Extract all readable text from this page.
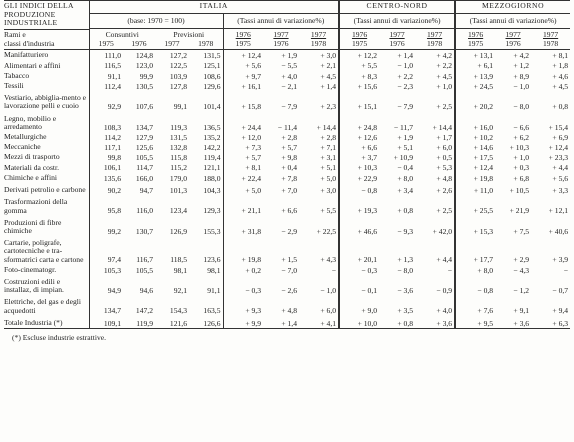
GLI INDICI DELLA
PRODUZIONE
INDUSTRIALE	ITALIA							CENTRO-NORD			MEZZOGIORNO		
	(base: 1970 = 100)				(Tassi annui di variazione%)			(Tassi annui di variazione%)			(Tassi annui di variazione%)		

Rami e
classi d'industria	Consuntivi		Previsioni		1976	1977	1977	1976	1977	1977	1976	1977	1977
	1975	1976	1977	1978	1975	1976	1978	1975	1976	1978	1975	1976	1978
Manifatturiero	111,0	124,8	127,2	131,5	+ 12,4	+ 1,9	+ 3,0	+ 12,2	+ 1,4	+ 4,2	+ 13,1	+ 4,2	+ 8,1
Alimentari e affini	116,5	123,0	122,5	125,1	+ 5,6	− 5,5	+ 2,1	+ 5,5	− 1,0	+ 2,2	+ 6,1	+ 1,2	+ 1,8
Tabacco	91,1	99,9	103,9	108,6	+ 9,7	+ 4,0	+ 4,5	+ 8,3	+ 2,2	+ 4,5	+ 13,9	+ 8,9	+ 4,6
Tessili	112,4	130,5	127,8	129,6	+ 16,1	− 2,1	+ 1,4	+ 15,6	− 2,3	+ 1,0	+ 24,5	− 1,0	+ 4,5
Vestiario, abbiglia-mento e lavorazione pelli e cuoio	92,9	107,6	99,1	101,4	+ 15,8	− 7,9	+ 2,3	+ 15,1	− 7,9	+ 2,5	+ 20,2	− 8,0	+ 0,8
Legno, mobilio e arredamento	108,3	134,7	119,3	136,5	+ 24,4	− 11,4	+ 14,4	+ 24,8	− 11,7	+ 14,4	+ 16,0	− 6,6	+ 15,4
Metallurgiche	114,2	127,9	131,5	135,2	+ 12,0	+ 2,8	+ 2,8	+ 12,6	+ 1,9	+ 1,7	+ 10,2	+ 6,2	+ 6,9
Meccaniche	117,1	125,6	132,8	142,2	+ 7,3	+ 5,7	+ 7,1	+ 6,6	+ 5,1	+ 6,0	+ 14,6	+ 10,3	+ 12,4
Mezzi di trasporto	99,8	105,5	115,8	119,4	+ 5,7	+ 9,8	+ 3,1	+ 3,7	+ 10,9	+ 0,5	+ 17,5	+ 1,0	+ 23,3
Materiali da costr.	106,1	114,7	115,2	121,1	+ 8,1	+ 0,4	+ 5,1	+ 10,3	− 0,4	+ 5,3	+ 12,4	+ 0,3	+ 4,4
Chimiche e affini	135,6	166,0	179,0	188,0	+ 22,4	+ 7,8	+ 5,0	+ 22,9	+ 8,0	+ 4,8	+ 19,8	+ 6,8	+ 5,6
Derivati petrolio e carbone	90,2	94,7	101,3	104,3	+ 5,0	+ 7,0	+ 3,0	− 0,8	+ 3,4	+ 2,6	+ 11,0	+ 10,5	+ 3,3
Trasformazioni della gomma	95,8	116,0	123,4	129,3	+ 21,1	+ 6,6	+ 5,5	+ 19,3	+ 0,8	+ 2,5	+ 25,5	+ 21,9	+ 12,1
Produzioni di fibre chimiche	99,2	130,7	126,9	155,3	+ 31,8	− 2,9	+ 22,5	+ 46,6	− 9,3	+ 42,0	+ 15,3	+ 7,5	+ 40,6
Cartarie, poligrafe, cartotecniche e tra-sformatrici carta e cartone	97,4	116,7	118,5	123,6	+ 19,8	+ 1,5	+ 4,3	+ 20,1	+ 1,3	+ 4,4	+ 17,7	+ 2,9	+ 3,9
Foto-cinematogr.	105,3	105,5	98,1	98,1	+ 0,2	− 7,0	−	− 0,3	− 8,0	−	+ 8,0	− 4,3	−
Costruzioni edili e installaz, di impian.	94,9	94,6	92,1	91,1	− 0,3	− 2,6	− 1,0	− 0,1	− 3,6	− 0,9	− 0,8	− 1,2	− 0,7
Elettriche, del gas e degli acquedotti	134,7	147,2	154,3	163,5	+ 9,3	+ 4,8	+ 6,0	+ 9,0	+ 3,5	+ 4,0	+ 7,6	+ 9,1	+ 9,4
Totale Industria (*)	109,1	119,9	121,6	126,6	+ 9,9	+ 1,4	+ 4,1	+ 10,0	+ 0,8	+ 3,6	+ 9,5	+ 3,6	+ 6,3
(*) Escluse industrie estrattive.													
